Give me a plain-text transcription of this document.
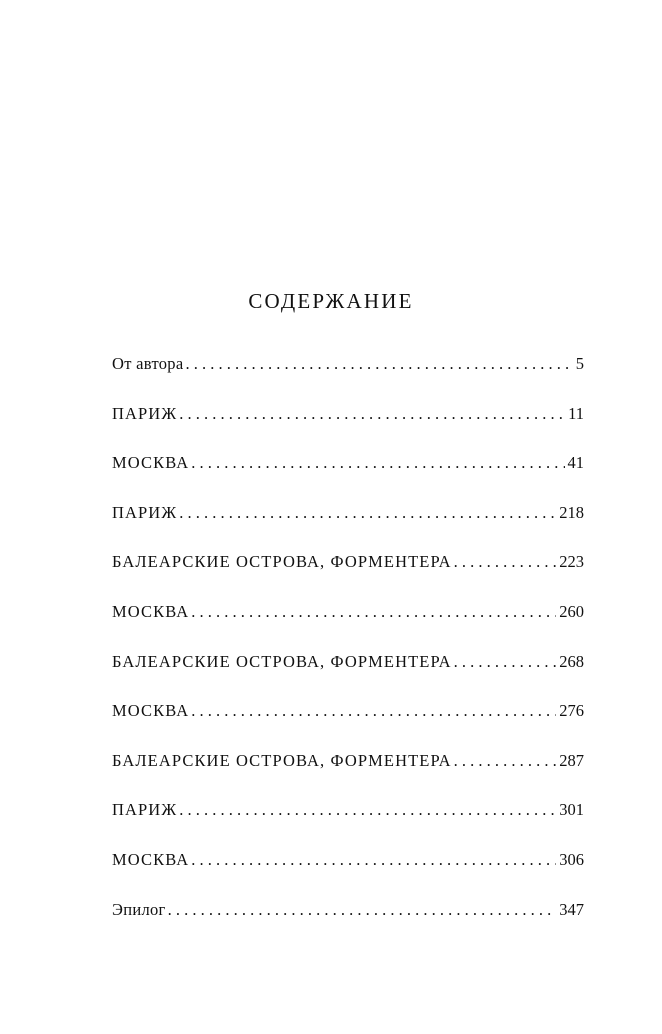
СОДЕРЖАНИЕ
От автора . . .	5
ПАРИЖ . . .	11
МОСКВА . . .	41
ПАРИЖ . . .	218
БАЛЕАРСКИЕ ОСТРОВА, ФОРМЕНТЕРА . . .	223
МОСКВА . . .	260
БАЛЕАРСКИЕ ОСТРОВА, ФОРМЕНТЕРА . . .	268
МОСКВА . . .	276
БАЛЕАРСКИЕ ОСТРОВА, ФОРМЕНТЕРА . . .	287
ПАРИЖ . . .	301
МОСКВА . . .	306
Эпилог . . .	347
